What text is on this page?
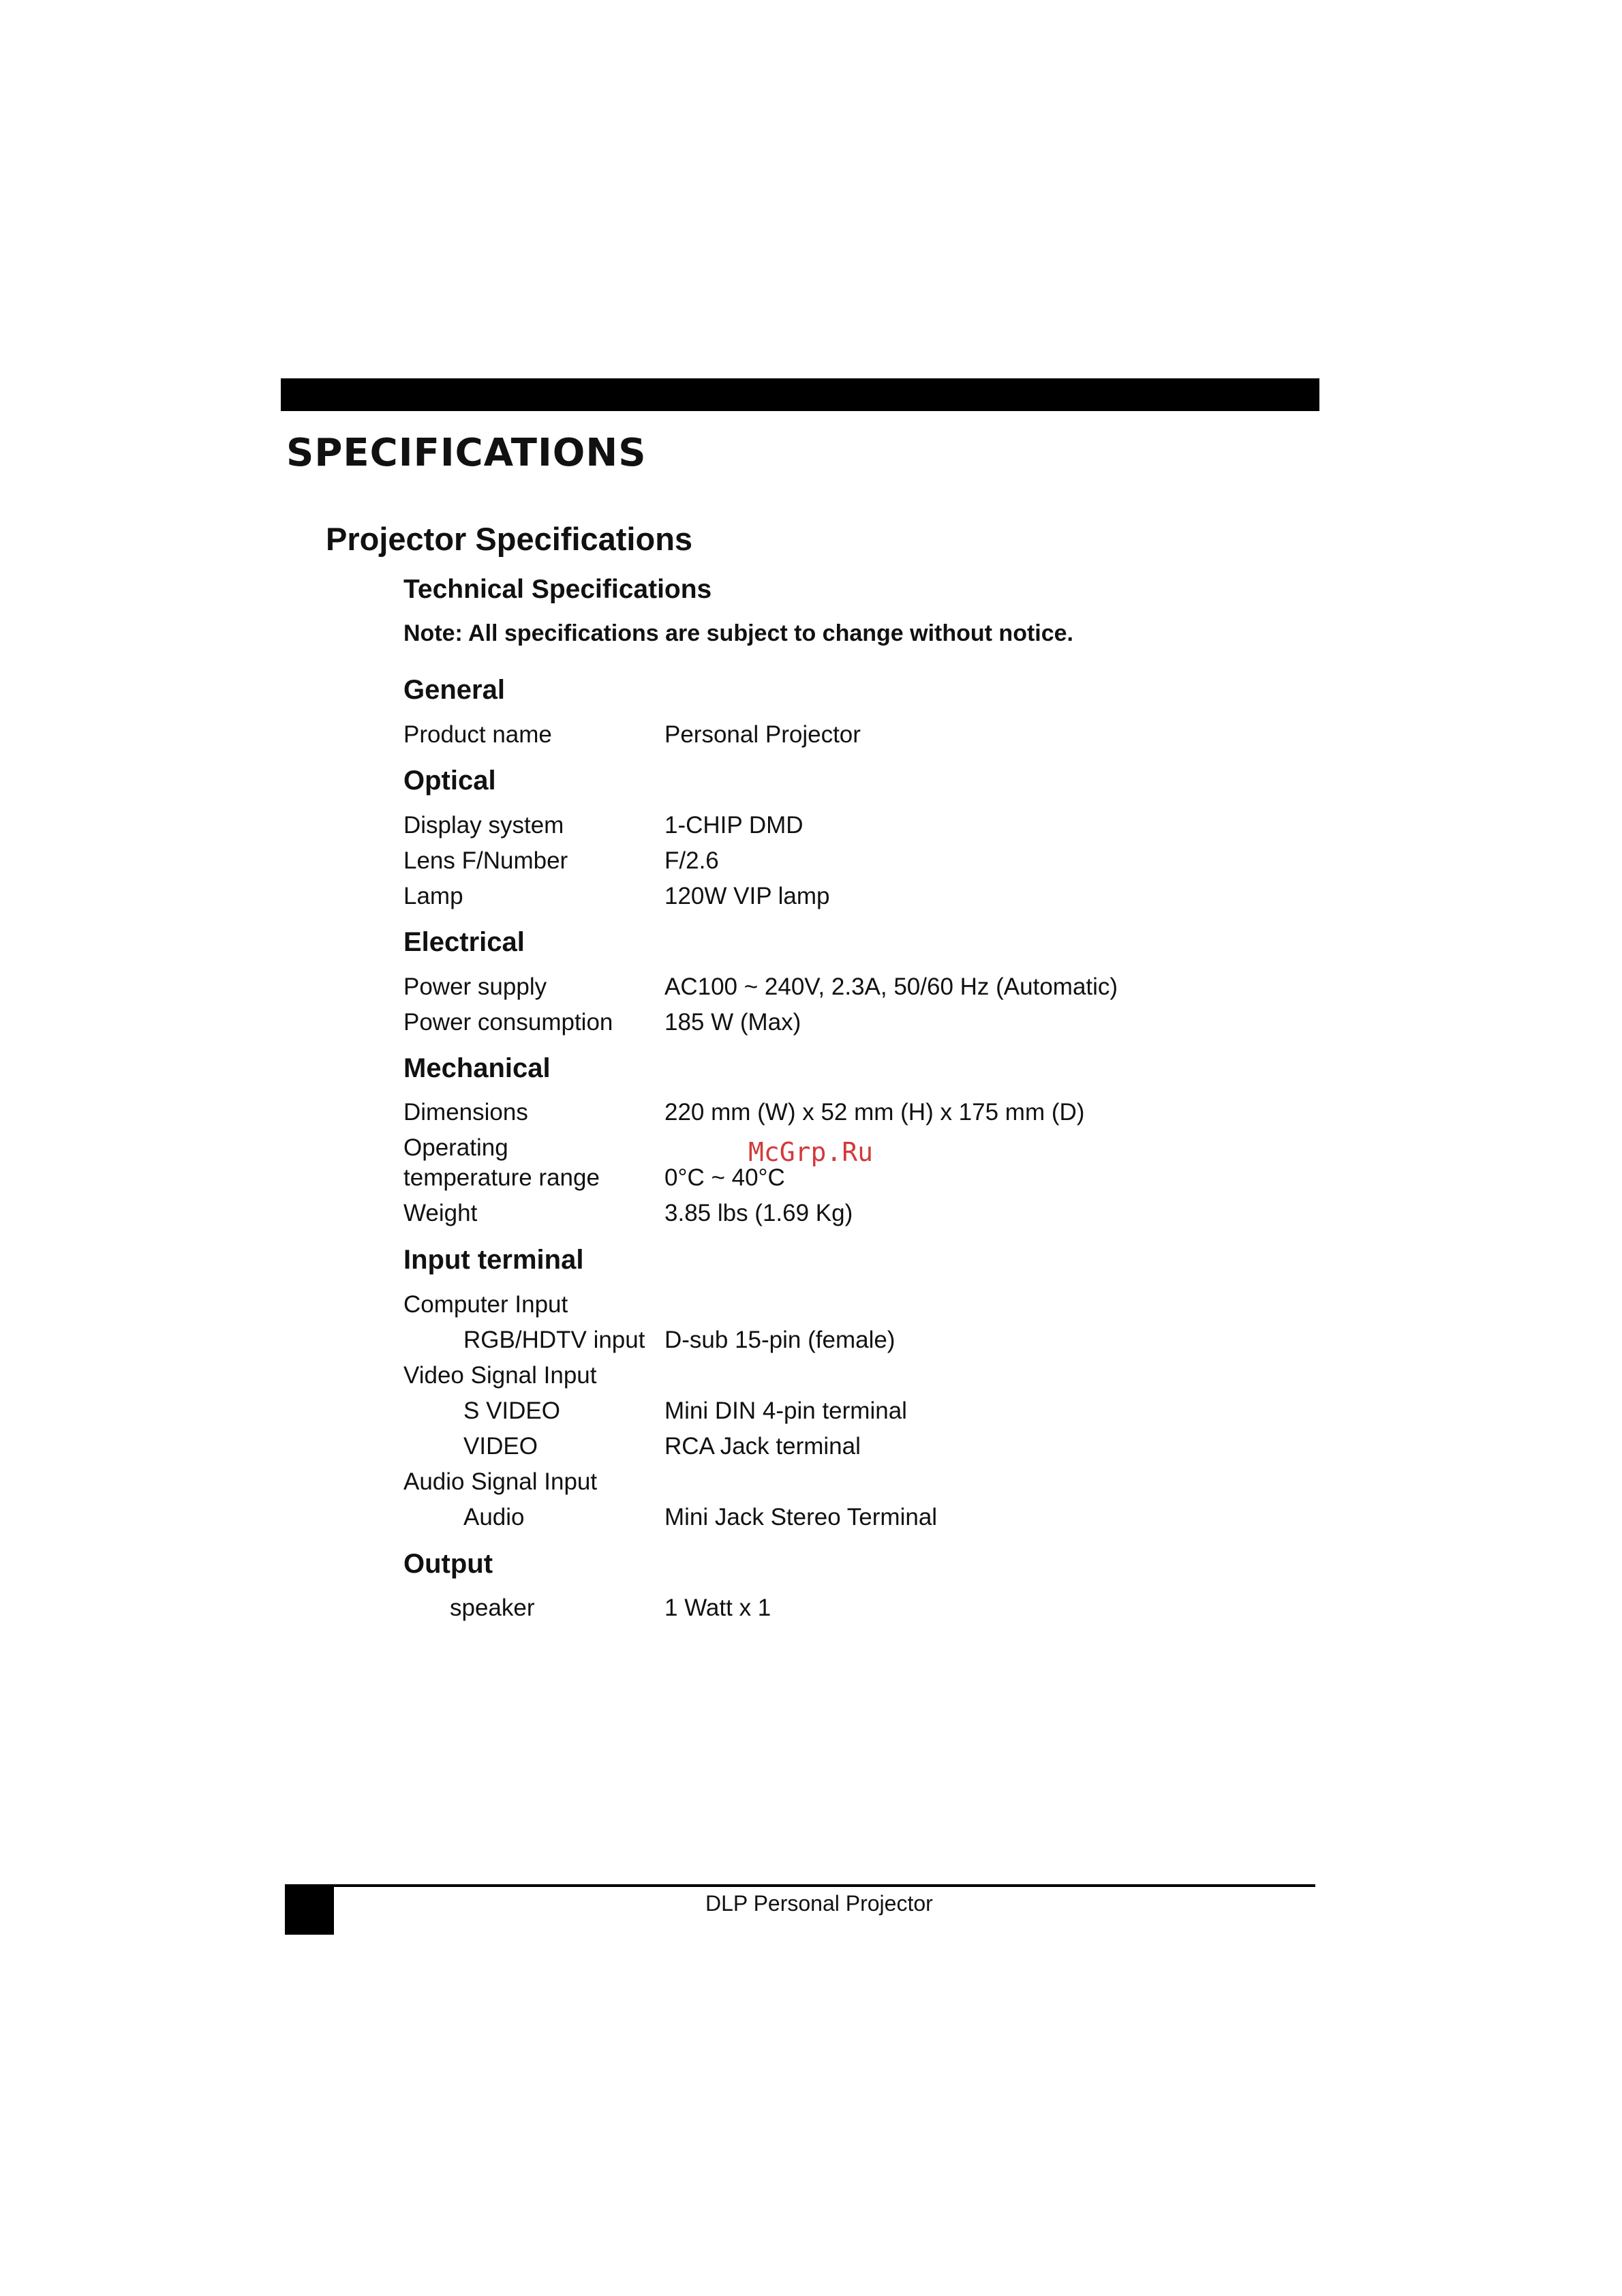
SPECIFICATIONS
Projector Specifications
Technical Specifications

Note: All specifications are subject to change without notice.

General
Product name	Personal Projector
Optical
Display system	1-CHIP DMD
Lens F/Number	F/2.6
Lamp	120W VIP lamp
Electrical
Power supply	AC100 ~ 240V, 2.3A, 50/60 Hz (Automatic)
Power consumption 185 W (Max)
Mechanical
Dimensions	220 mm (W) x 52 mm (H) x 175 mm (D)
Operating
temperature range	0°C ~ 40°C
Weight	3.85 lbs (1.69 Kg)
Input terminal
Computer Input
RGB/HDTV input D-sub 15-pin (female)
Video Signal Input
S VIDEO	Mini DIN 4-pin terminal
VIDEO	RCA Jack terminal
Audio Signal Input
Audio	Mini Jack Stereo Terminal
Output
speaker	1 Watt x 1
McGrp.Ru
DLP Personal Projector
